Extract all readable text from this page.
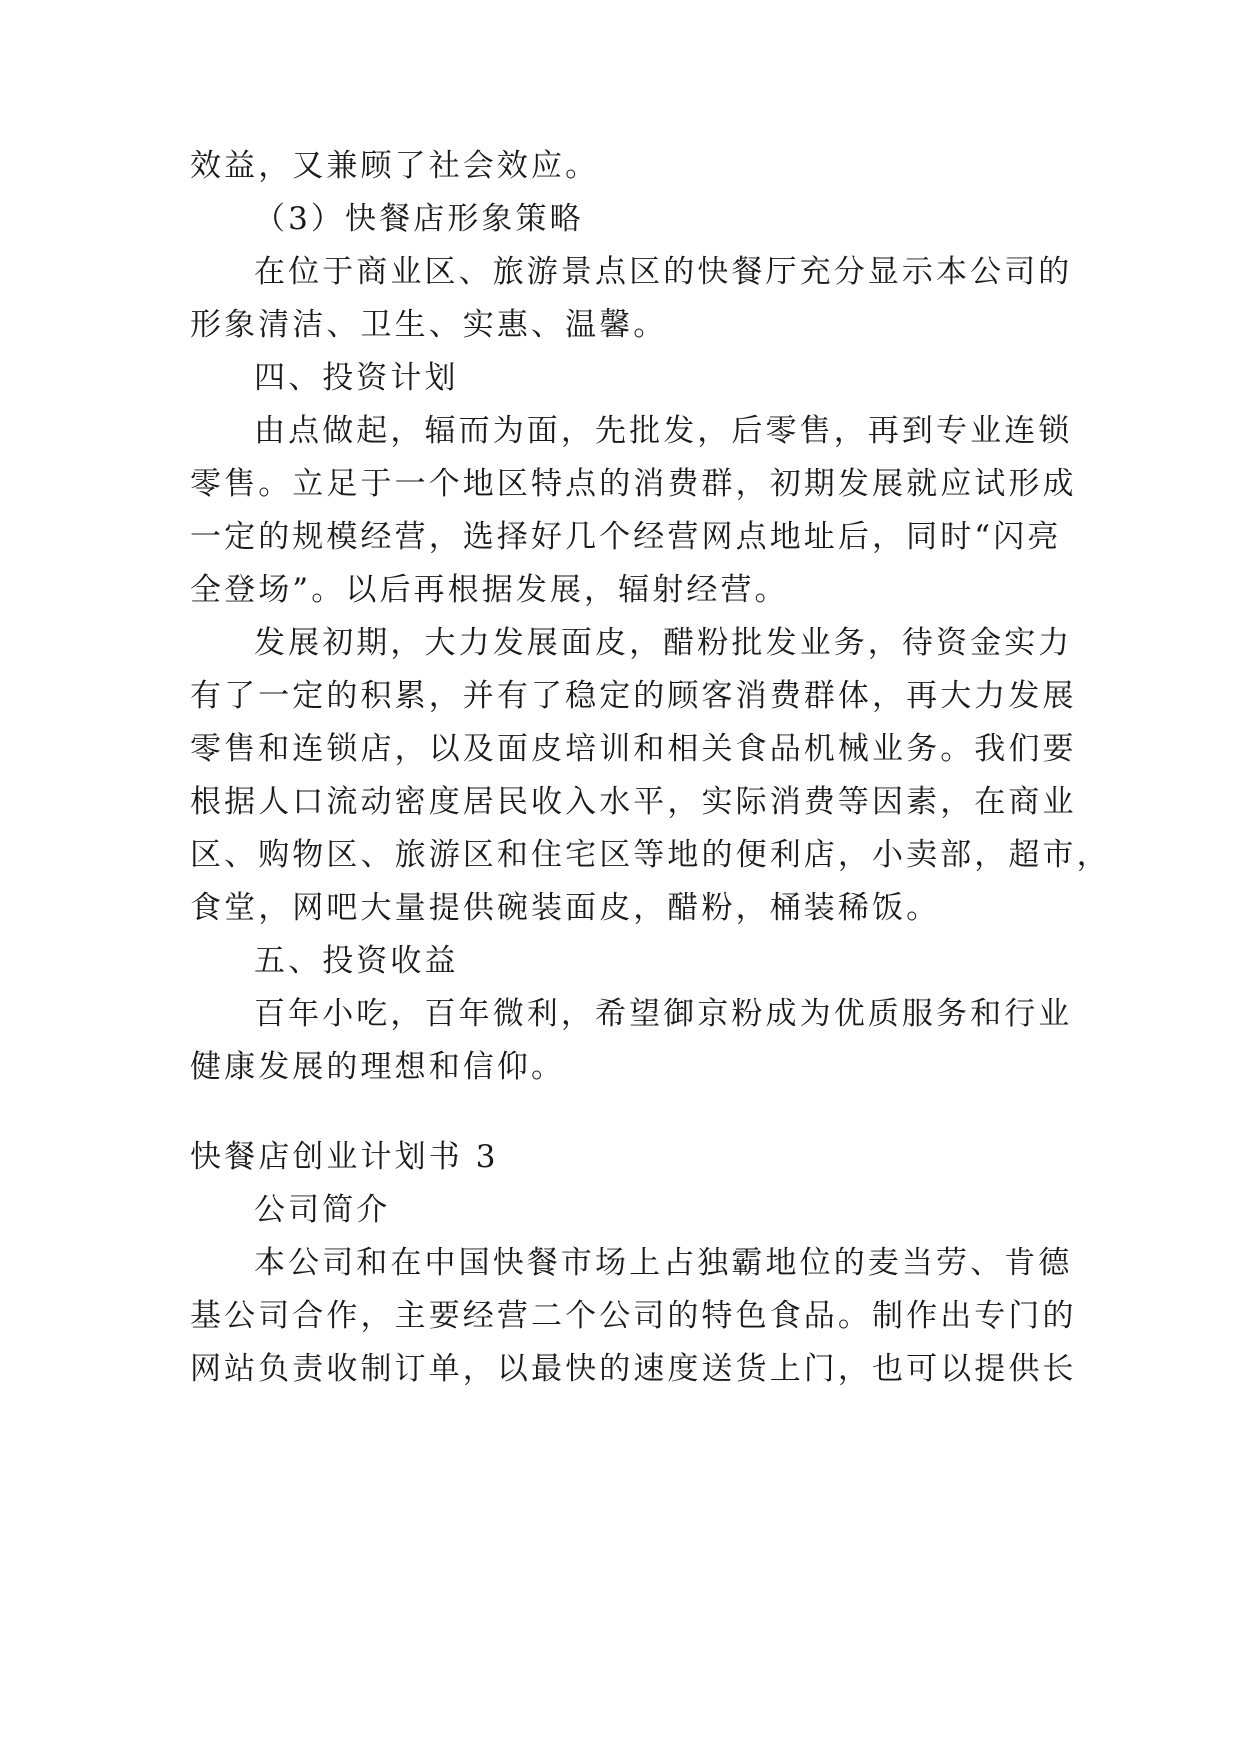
效益，又兼顾了社会效应。
（3）快餐店形象策略
在位于商业区、旅游景点区的快餐厅充分显示本公司的
形象清洁、卫生、实惠、温馨。
四、投资计划
由点做起，辐而为面，先批发，后零售，再到专业连锁
零售。立足于一个地区特点的消费群，初期发展就应试形成
一定的规模经营，选择好几个经营网点地址后，同时“闪亮
全登场”。以后再根据发展，辐射经营。
发展初期，大力发展面皮，醋粉批发业务，待资金实力
有了一定的积累，并有了稳定的顾客消费群体，再大力发展
零售和连锁店，以及面皮培训和相关食品机械业务。我们要
根据人口流动密度居民收入水平，实际消费等因素，在商业
区、购物区、旅游区和住宅区等地的便利店，小卖部，超市，
食堂，网吧大量提供碗装面皮，醋粉，桶装稀饭。
五、投资收益
百年小吃，百年微利，希望御京粉成为优质服务和行业
健康发展的理想和信仰。
快餐店创业计划书 3
公司简介
本公司和在中国快餐市场上占独霸地位的麦当劳、肯德
基公司合作，主要经营二个公司的特色食品。制作出专门的
网站负责收制订单，以最快的速度送货上门，也可以提供长
